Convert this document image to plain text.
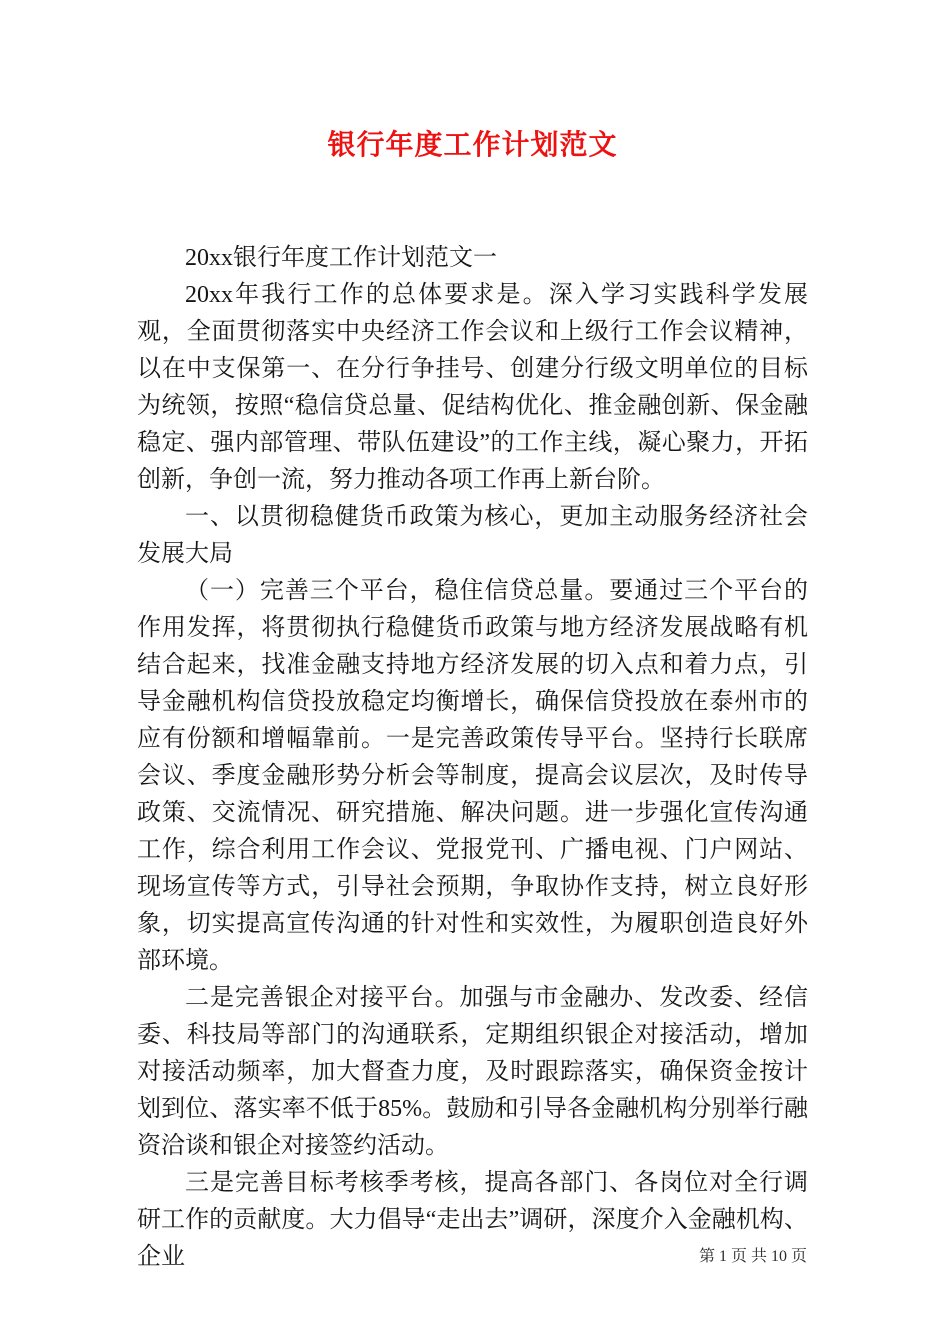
银行年度工作计划范文

20xx银行年度工作计划范文一

20xx年我行工作的总体要求是。深入学习实践科学发展观，全面贯彻落实中央经济工作会议和上级行工作会议精神，以在中支保第一、在分行争挂号、创建分行级文明单位的目标为统领，按照“稳信贷总量、促结构优化、推金融创新、保金融稳定、强内部管理、带队伍建设”的工作主线，凝心聚力，开拓创新，争创一流，努力推动各项工作再上新台阶。

一、以贯彻稳健货币政策为核心，更加主动服务经济社会发展大局

（一）完善三个平台，稳住信贷总量。要通过三个平台的作用发挥，将贯彻执行稳健货币政策与地方经济发展战略有机结合起来，找准金融支持地方经济发展的切入点和着力点，引导金融机构信贷投放稳定均衡增长，确保信贷投放在泰州市的应有份额和增幅靠前。一是完善政策传导平台。坚持行长联席会议、季度金融形势分析会等制度，提高会议层次，及时传导政策、交流情况、研究措施、解决问题。进一步强化宣传沟通工作，综合利用工作会议、党报党刊、广播电视、门户网站、现场宣传等方式，引导社会预期，争取协作支持，树立良好形象，切实提高宣传沟通的针对性和实效性，为履职创造良好外部环境。

二是完善银企对接平台。加强与市金融办、发改委、经信委、科技局等部门的沟通联系，定期组织银企对接活动，增加对接活动频率，加大督查力度，及时跟踪落实，确保资金按计划到位、落实率不低于85%。鼓励和引导各金融机构分别举行融资洽谈和银企对接签约活动。

三是完善目标考核季考核，提高各部门、各岗位对全行调研工作的贡献度。大力倡导“走出去”调研，深度介入金融机构、企业	第 1 页 共 10 页
